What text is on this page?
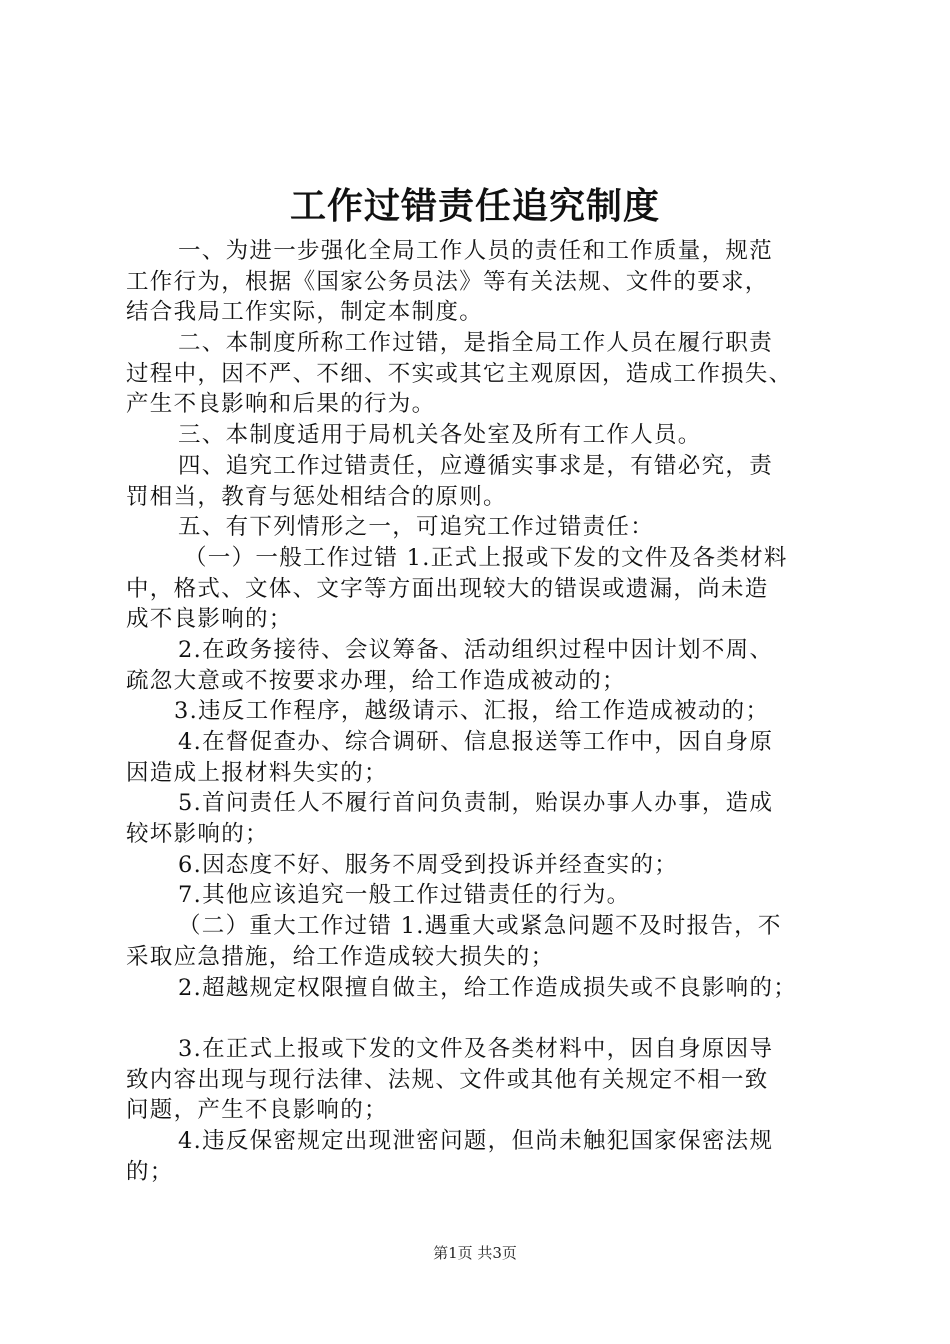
工作过错责任追究制度
一、为进一步强化全局工作人员的责任和工作质量，规范
工作行为，根据《国家公务员法》等有关法规、文件的要求，
结合我局工作实际，制定本制度。
二、本制度所称工作过错，是指全局工作人员在履行职责
过程中，因不严、不细、不实或其它主观原因，造成工作损失、
产生不良影响和后果的行为。
三、本制度适用于局机关各处室及所有工作人员。
四、追究工作过错责任，应遵循实事求是，有错必究，责
罚相当，教育与惩处相结合的原则。
五、有下列情形之一，可追究工作过错责任：
（一）一般工作过错 1.正式上报或下发的文件及各类材料
中，格式、文体、文字等方面出现较大的错误或遗漏，尚未造
成不良影响的；
2.在政务接待、会议筹备、活动组织过程中因计划不周、
疏忽大意或不按要求办理，给工作造成被动的；
3.违反工作程序，越级请示、汇报，给工作造成被动的；
4.在督促查办、综合调研、信息报送等工作中，因自身原
因造成上报材料失实的；
5.首问责任人不履行首问负责制，贻误办事人办事，造成
较坏影响的；
6.因态度不好、服务不周受到投诉并经查实的；
7.其他应该追究一般工作过错责任的行为。
（二）重大工作过错 1.遇重大或紧急问题不及时报告，不
采取应急措施，给工作造成较大损失的；
2.超越规定权限擅自做主，给工作造成损失或不良影响的；
3.在正式上报或下发的文件及各类材料中，因自身原因导
致内容出现与现行法律、法规、文件或其他有关规定不相一致
问题，产生不良影响的；
4.违反保密规定出现泄密问题，但尚未触犯国家保密法规
的；
第1页 共3页
